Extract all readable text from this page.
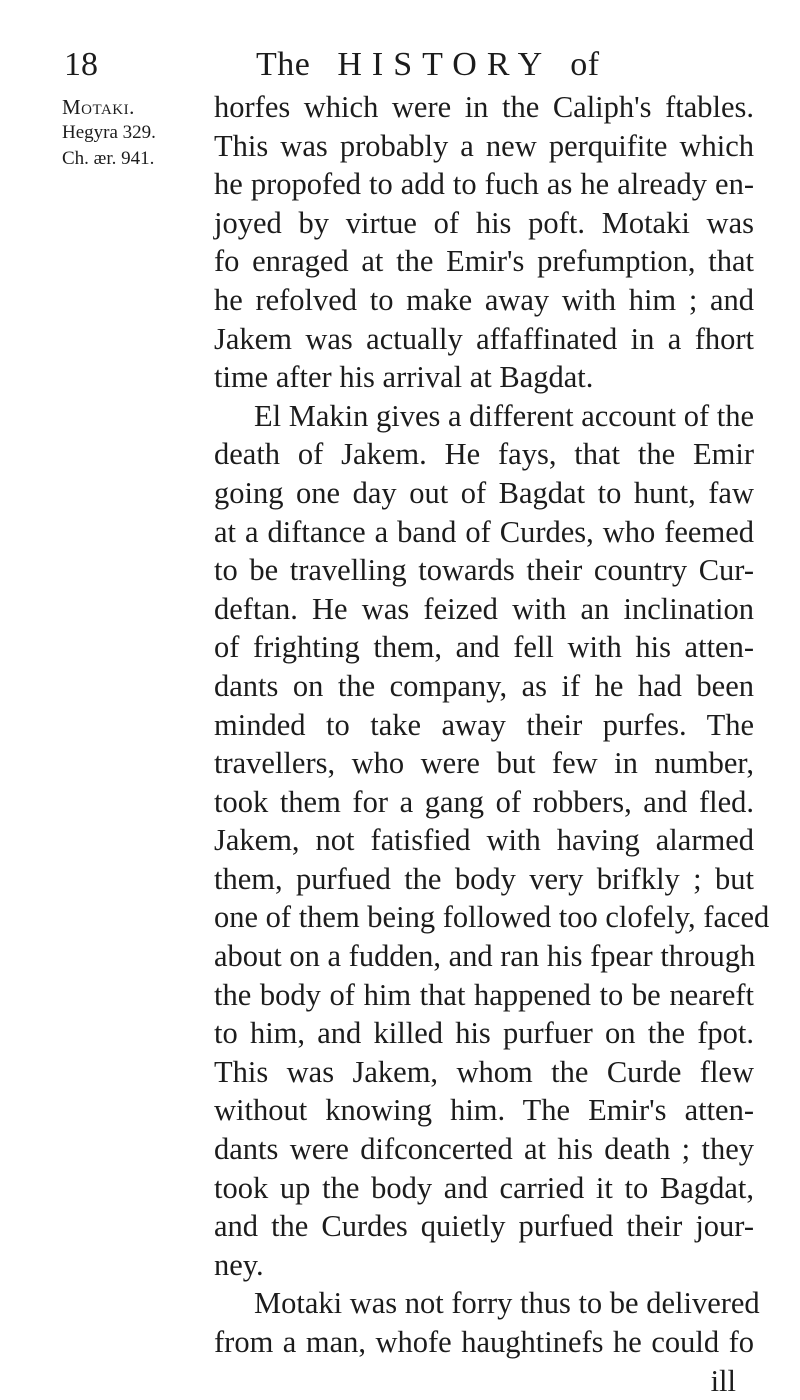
18	The HISTORY of
Motaki.
Hegyra 329.
Ch. ær. 941.
horfes which were in the Caliph's ftables.
This was probably a new perquifite which
he propofed to add to fuch as he already en-
joyed by virtue of his poft. Motaki was
fo enraged at the Emir's prefumption, that
he refolved to make away with him ; and
Jakem was actually affaffinated in a fhort
time after his arrival at Bagdat.
El Makin gives a different account of the
death of Jakem. He fays, that the Emir
going one day out of Bagdat to hunt, faw
at a diftance a band of Curdes, who feemed
to be travelling towards their country Cur-
deftan. He was feized with an inclination
of frighting them, and fell with his atten-
dants on the company, as if he had been
minded to take away their purfes. The
travellers, who were but few in number,
took them for a gang of robbers, and fled.
Jakem, not fatisfied with having alarmed
them, purfued the body very brifkly ; but
one of them being followed too clofely, faced
about on a fudden, and ran his fpear through
the body of him that happened to be neareft
to him, and killed his purfuer on the fpot.
This was Jakem, whom the Curde flew
without knowing him. The Emir's atten-
dants were difconcerted at his death ; they
took up the body and carried it to Bagdat,
and the Curdes quietly purfued their jour-
ney.
Motaki was not forry thus to be delivered
from a man, whofe haughtinefs he could fo
ill
